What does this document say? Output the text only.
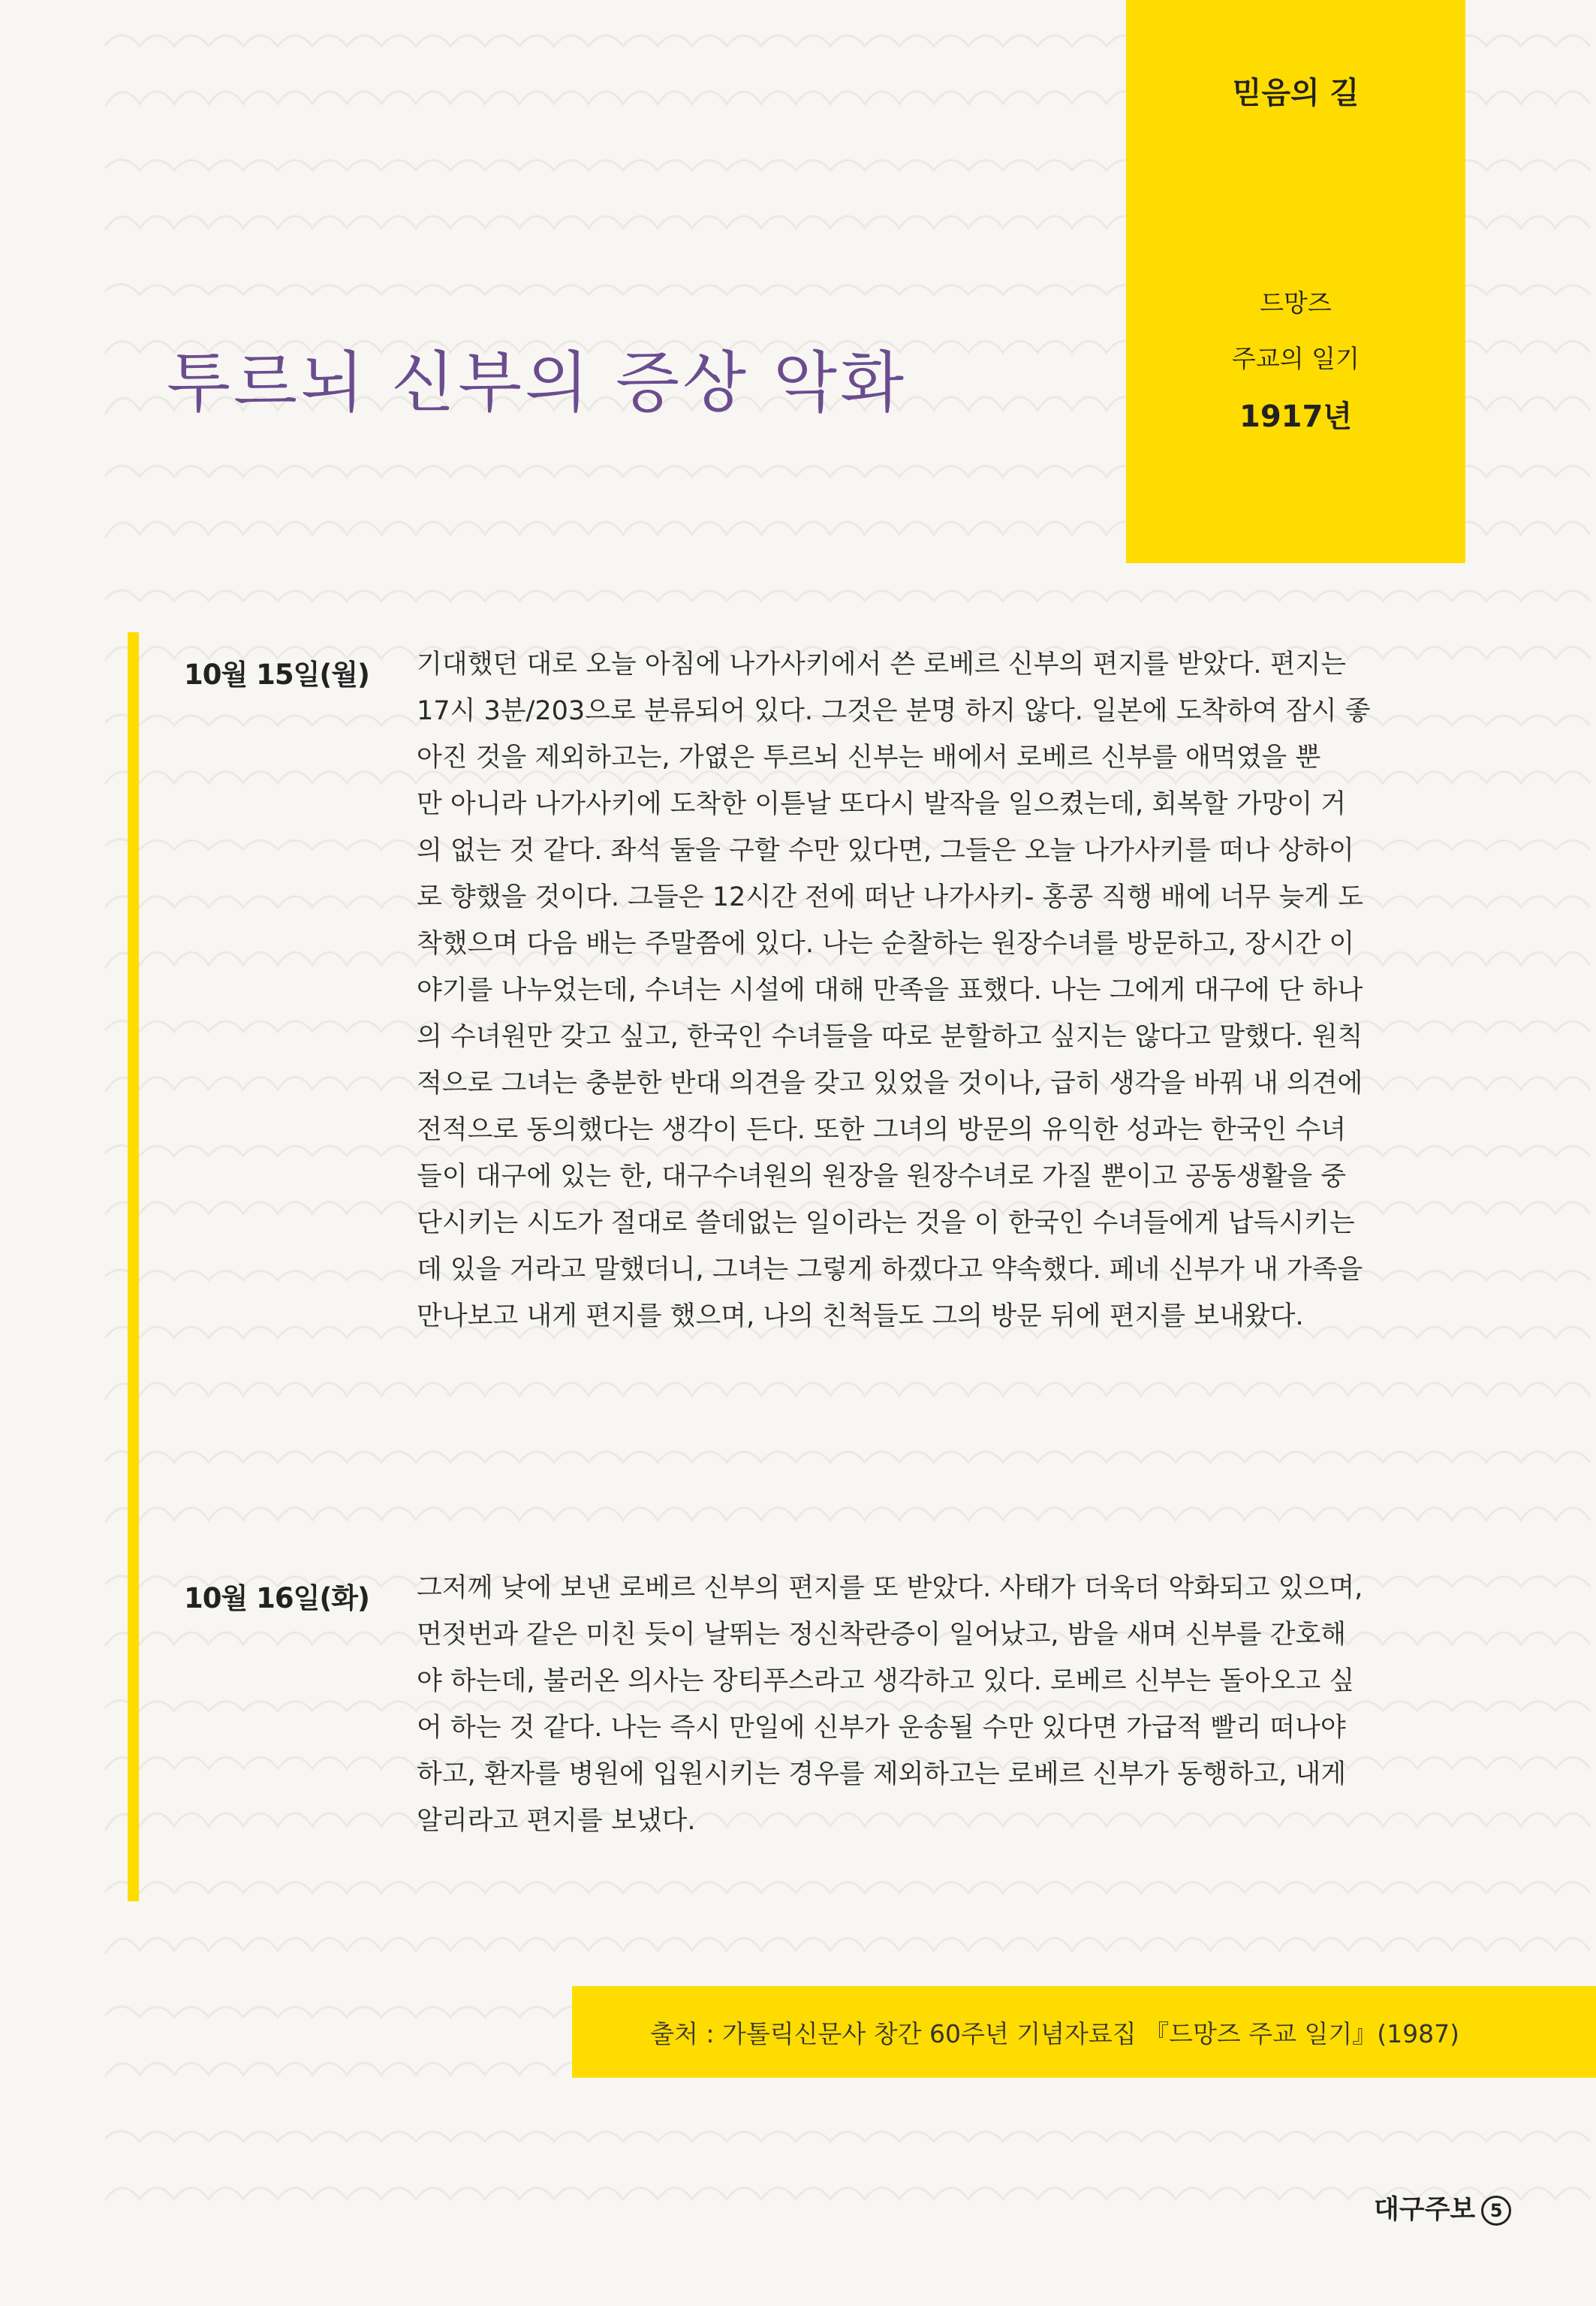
믿음의 길
드망즈
주교의 일기
1917년
투르뇌 신부의 증상 악화
10월 15일(월) 기대했던 대로 오늘 아침에 나가사키에서 쓴 로베르 신부의 편지를 받았다. 편지는
17시 3분/203으로 분류되어 있다. 그것은 분명 하지 않다. 일본에 도착하여 잠시 좋
아진 것을 제외하고는, 가엾은 투르뇌 신부는 배에서 로베르 신부를 애먹였을 뿐
만 아니라 나가사키에 도착한 이튿날 또다시 발작을 일으켰는데, 회복할 가망이 거
의 없는 것 같다. 좌석 둘을 구할 수만 있다면, 그들은 오늘 나가사키를 떠나 상하이
로 향했을 것이다. 그들은 12시간 전에 떠난 나가사키- 홍콩 직행 배에 너무 늦게 도
착했으며 다음 배는 주말쯤에 있다. 나는 순찰하는 원장수녀를 방문하고, 장시간 이
야기를 나누었는데, 수녀는 시설에 대해 만족을 표했다. 나는 그에게 대구에 단 하나
의 수녀원만 갖고 싶고, 한국인 수녀들을 따로 분할하고 싶지는 않다고 말했다. 원칙
적으로 그녀는 충분한 반대 의견을 갖고 있었을 것이나, 급히 생각을 바꿔 내 의견에
전적으로 동의했다는 생각이 든다. 또한 그녀의 방문의 유익한 성과는 한국인 수녀
들이 대구에 있는 한, 대구수녀원의 원장을 원장수녀로 가질 뿐이고 공동생활을 중
단시키는 시도가 절대로 쓸데없는 일이라는 것을 이 한국인 수녀들에게 납득시키는
데 있을 거라고 말했더니, 그녀는 그렇게 하겠다고 약속했다. 페네 신부가 내 가족을
만나보고 내게 편지를 했으며, 나의 친척들도 그의 방문 뒤에 편지를 보내왔다.
10월 16일(화) 그저께 낮에 보낸 로베르 신부의 편지를 또 받았다. 사태가 더욱더 악화되고 있으며,
먼젓번과 같은 미친 듯이 날뛰는 정신착란증이 일어났고, 밤을 새며 신부를 간호해
야 하는데, 불러온 의사는 장티푸스라고 생각하고 있다. 로베르 신부는 돌아오고 싶
어 하는 것 같다. 나는 즉시 만일에 신부가 운송될 수만 있다면 가급적 빨리 떠나야
하고, 환자를 병원에 입원시키는 경우를 제외하고는 로베르 신부가 동행하고, 내게
알리라고 편지를 보냈다.
출처 : 가톨릭신문사 창간 60주년 기념자료집 『드망즈 주교 일기』(1987)
대구주보 5
